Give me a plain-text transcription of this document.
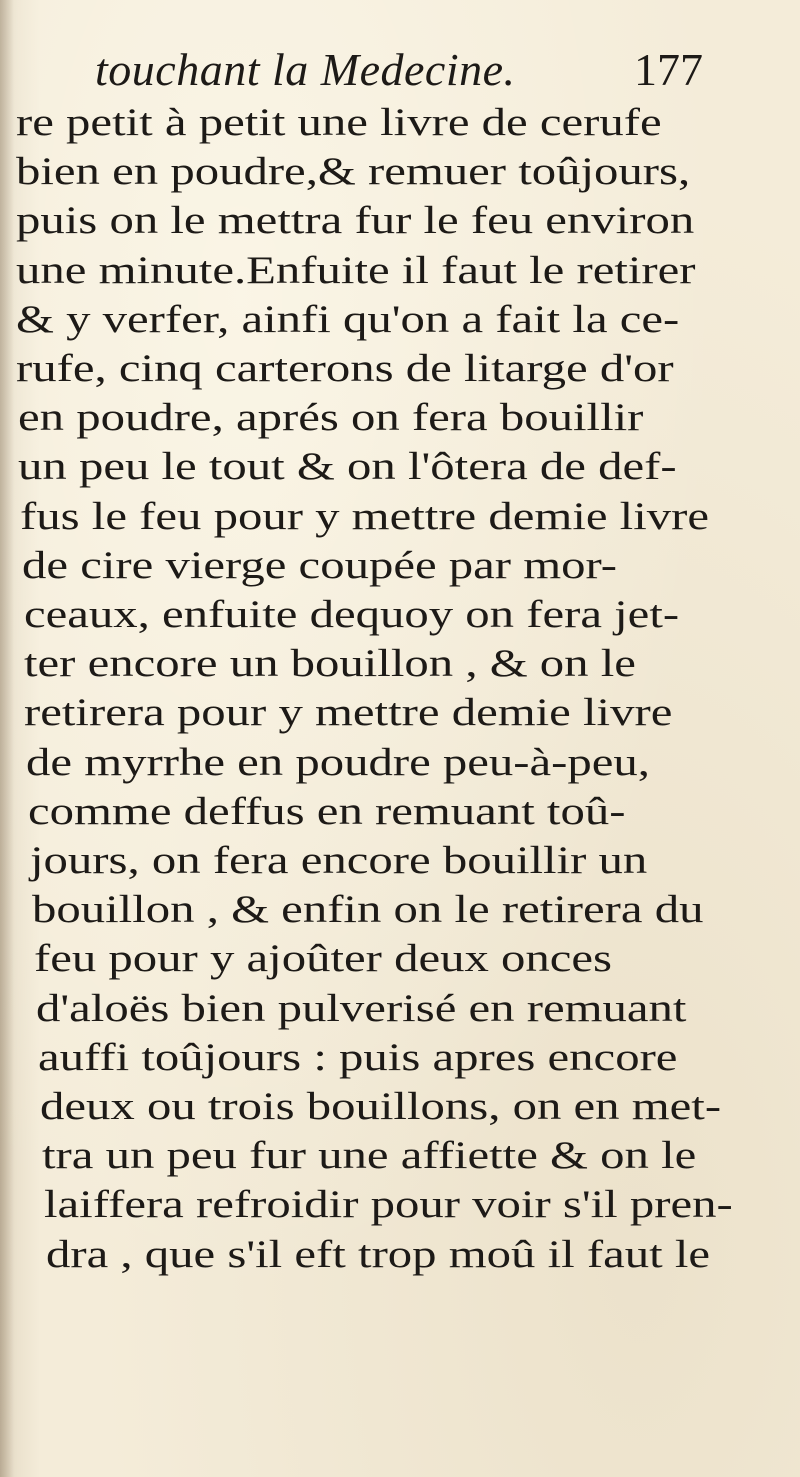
touchant la Medecine.	177
re petit à petit une livre de cerufe
bien en poudre,& remuer toûjours,
puis on le mettra fur le feu environ
une minute.Enfuite il faut le retirer
& y verfer, ainfi qu'on a fait la ce-
rufe, cinq carterons de litarge d'or
en poudre, aprés on fera bouillir
un peu le tout & on l'ôtera de def-
fus le feu pour y mettre demie livre
de cire vierge coupée par mor-
ceaux, enfuite dequoy on fera jet-
ter encore un bouillon , & on le
retirera pour y mettre demie livre
de myrrhe en poudre peu-à-peu,
comme deffus en remuant toû-
jours, on fera encore bouillir un
bouillon , & enfin on le retirera du
feu pour y ajoûter deux onces
d'aloës bien pulverisé en remuant
auffi toûjours : puis apres encore
deux ou trois bouillons, on en met-
tra un peu fur une affiette & on le
laiffera refroidir pour voir s'il pren-
dra , que s'il eft trop moû il faut le
